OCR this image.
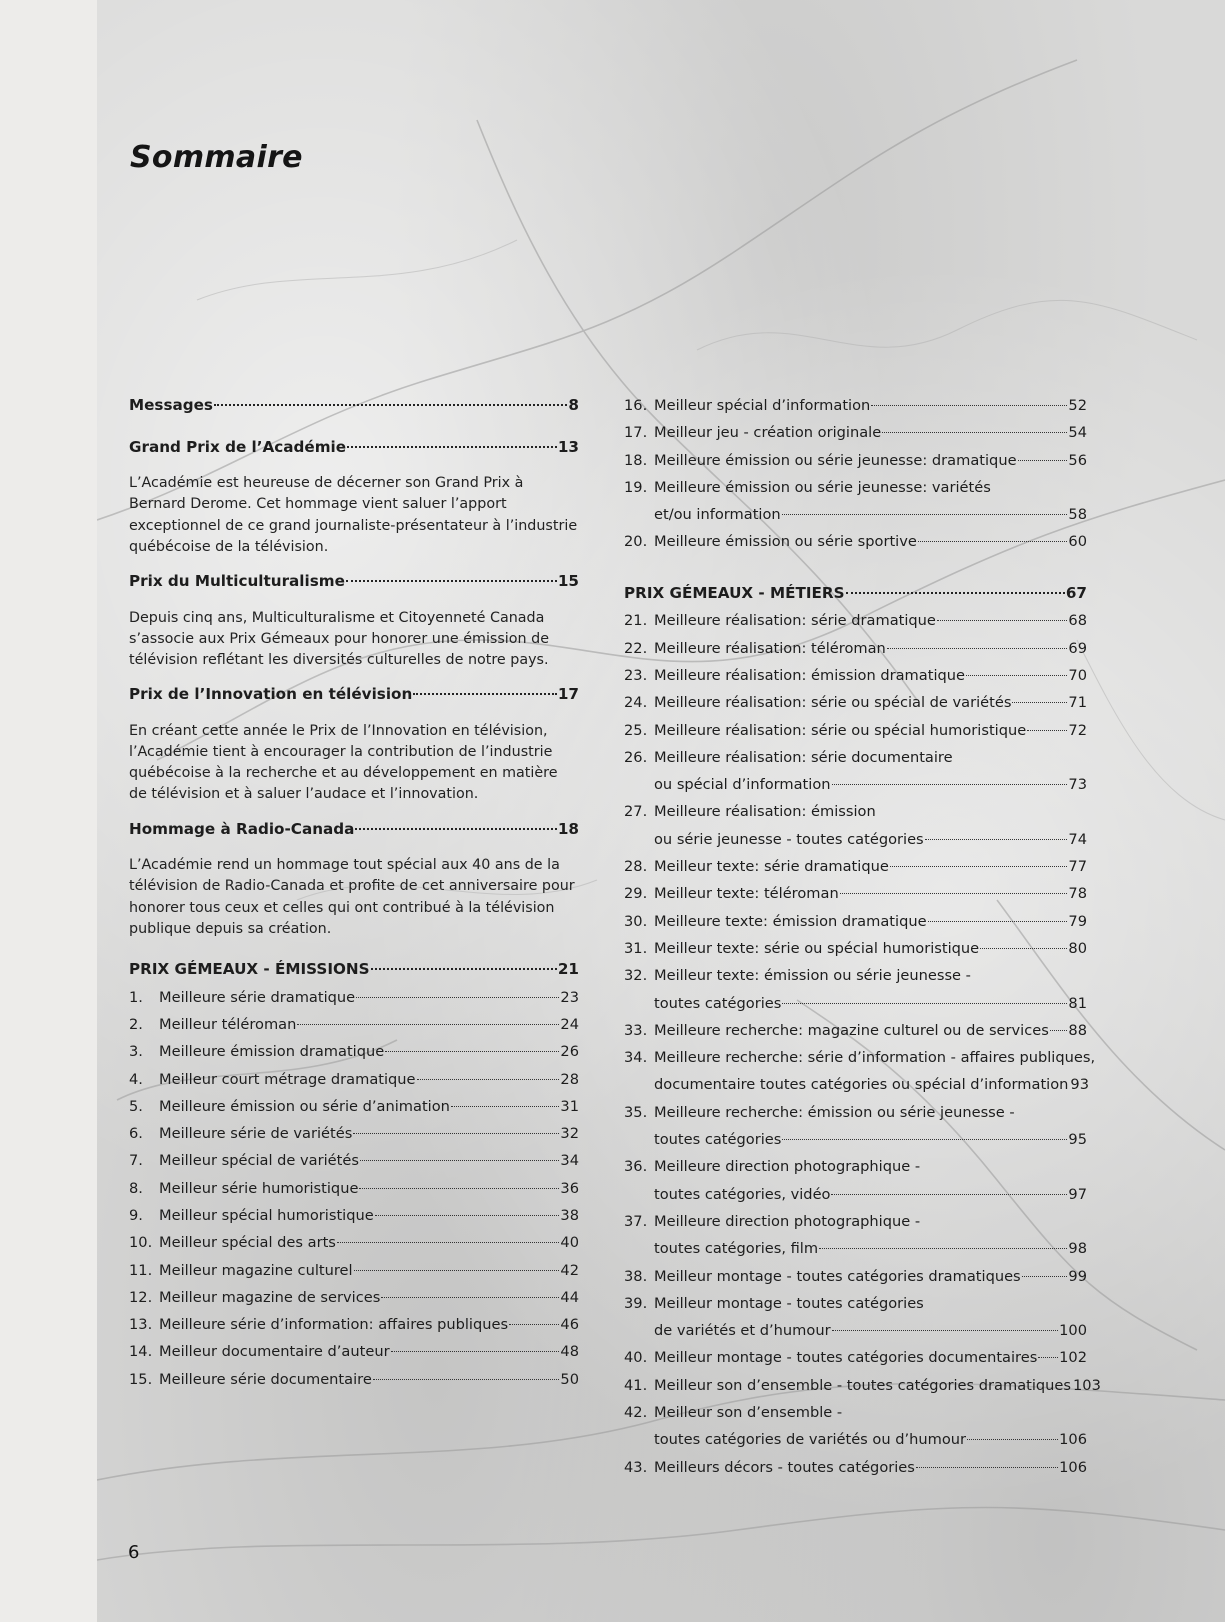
Sommaire
Messages	8
Grand Prix de l’Académie	13
L’Académie est heureuse de décerner son Grand Prix à Bernard Derome. Cet hommage vient saluer l’apport exceptionnel de ce grand journaliste-présentateur à l’industrie québécoise de la télévision.
Prix du Multiculturalisme	15
Depuis cinq ans, Multiculturalisme et Citoyenneté Canada s’associe aux Prix Gémeaux pour honorer une émission de télévision reflétant les diversités culturelles de notre pays.
Prix de l’Innovation en télévision	17
En créant cette année le Prix de l’Innovation en télévision, l’Académie tient à encourager la contribution de l’industrie québécoise à la recherche et au développement en matière de télévision et à saluer l’audace et l’innovation.
Hommage à Radio-Canada	18
L’Académie rend un hommage tout spécial aux 40 ans de la télévision de Radio-Canada et profite de cet anniversaire pour honorer tous ceux et celles qui ont contribué à la télévision publique depuis sa création.
PRIX GÉMEAUX - ÉMISSIONS	21
1.	Meilleure série dramatique	23
2.	Meilleur téléroman	24
3.	Meilleure émission dramatique	26
4.	Meilleur court métrage dramatique	28
5.	Meilleure émission ou série d’animation	31
6.	Meilleure série de variétés	32
7.	Meilleur spécial de variétés	34
8.	Meilleur série humoristique	36
9.	Meilleur spécial humoristique	38
10. Meilleur spécial des arts	40
11. Meilleur magazine culturel	42
12. Meilleur magazine de services	44
13. Meilleure série d’information: affaires publiques	46
14. Meilleur documentaire d’auteur	48
15. Meilleure série documentaire	50
16. Meilleur spécial d’information	52
17. Meilleur jeu - création originale	54
18. Meilleure émission ou série jeunesse: dramatique	56
19. Meilleure émission ou série jeunesse: variétés
et/ou information	58
20. Meilleure émission ou série sportive	60
PRIX GÉMEAUX - MÉTIERS	67
21. Meilleure réalisation: série dramatique	68
22. Meilleure réalisation: téléroman	69
23. Meilleure réalisation: émission dramatique	70
24. Meilleure réalisation: série ou spécial de variétés	71
25. Meilleure réalisation: série ou spécial humoristique	72
26. Meilleure réalisation: série documentaire
ou spécial d’information	73
27. Meilleure réalisation: émission
ou série jeunesse - toutes catégories	74
28. Meilleur texte: série dramatique	77
29. Meilleur texte: téléroman	78
30. Meilleure texte: émission dramatique	79
31. Meilleur texte: série ou spécial humoristique	80
32. Meilleur texte: émission ou série jeunesse -
toutes catégories	81
33. Meilleure recherche: magazine culturel ou de services 88
34. Meilleure recherche: série d’information - affaires publiques,
documentaire toutes catégories ou spécial d’information 93
35. Meilleure recherche: émission ou série jeunesse -
toutes catégories	95
36. Meilleure direction photographique -
toutes catégories, vidéo	97
37. Meilleure direction photographique -
toutes catégories, film	98
38. Meilleur montage - toutes catégories dramatiques	99
39. Meilleur montage - toutes catégories
de variétés et d’humour	100
40. Meilleur montage - toutes catégories documentaires 102
41. Meilleur son d’ensemble - toutes catégories dramatiques 103
42. Meilleur son d’ensemble -
toutes catégories de variétés ou d’humour	106
43. Meilleurs décors - toutes catégories	106
6
